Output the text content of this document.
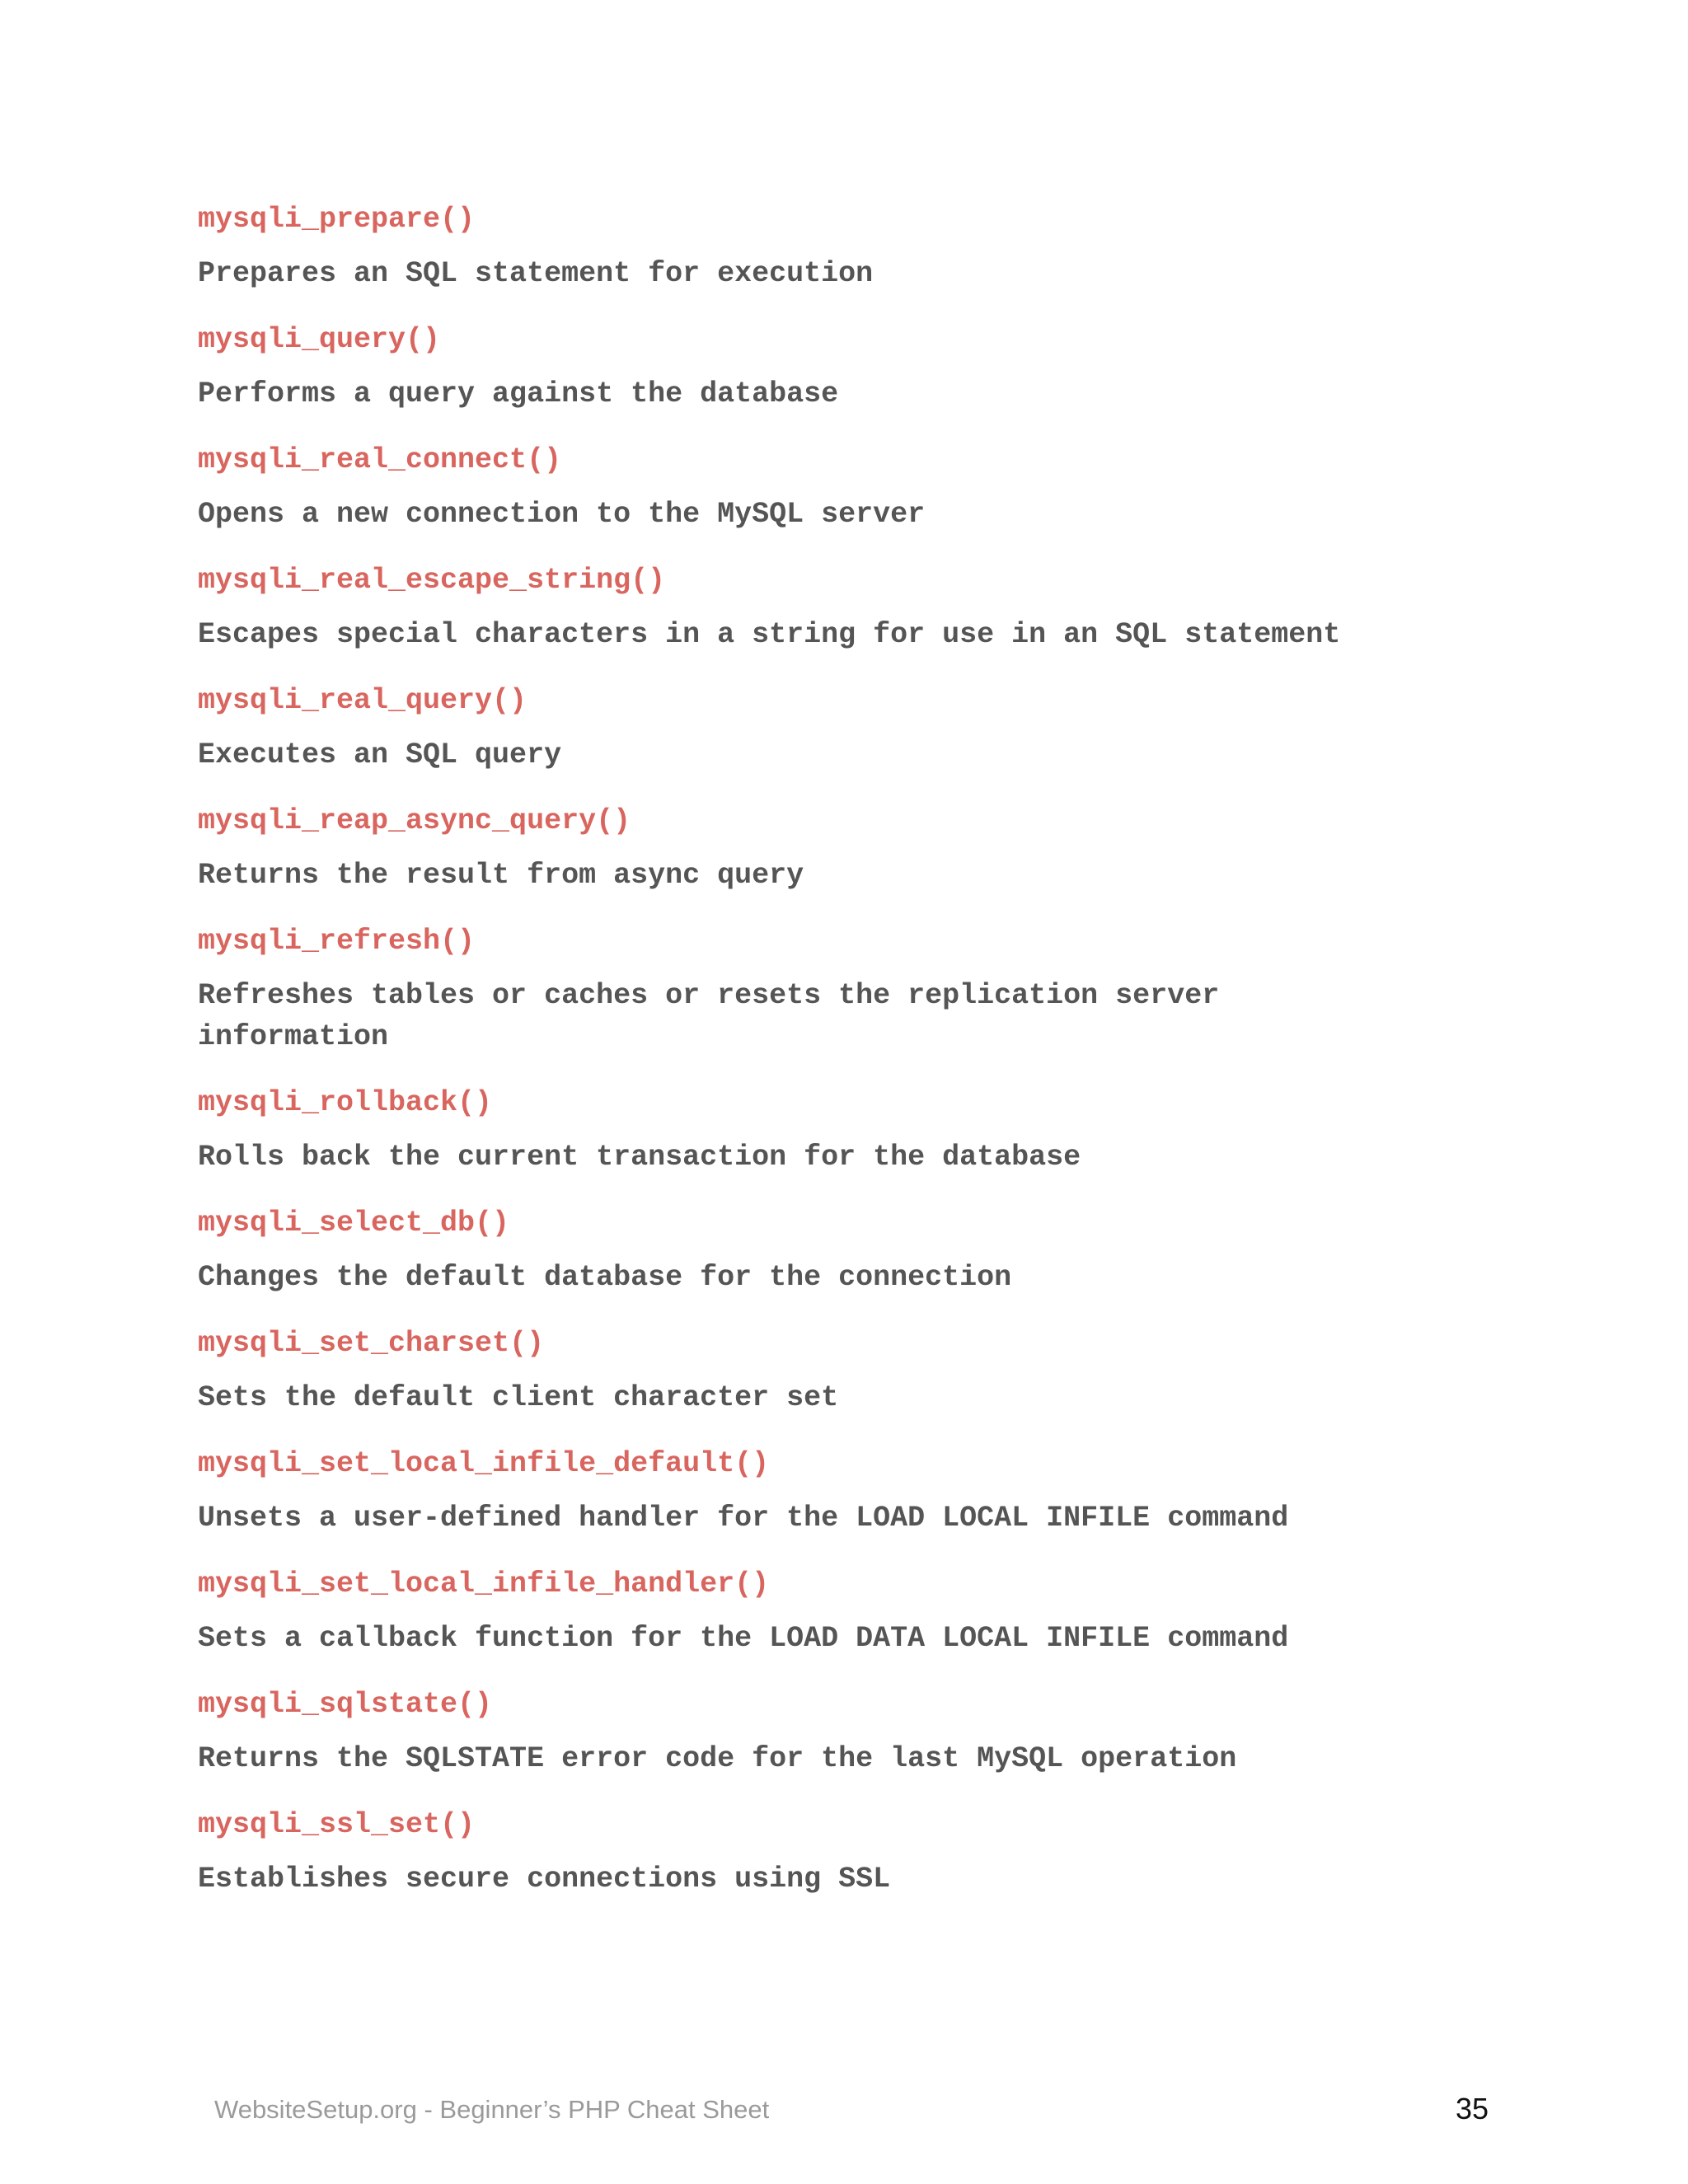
mysqli_prepare()
Prepares an SQL statement for execution
mysqli_query()
Performs a query against the database
mysqli_real_connect()
Opens a new connection to the MySQL server
mysqli_real_escape_string()
Escapes special characters in a string for use in an SQL statement
mysqli_real_query()
Executes an SQL query
mysqli_reap_async_query()
Returns the result from async query
mysqli_refresh()
Refreshes tables or caches or resets the replication server
information
mysqli_rollback()
Rolls back the current transaction for the database
mysqli_select_db()
Changes the default database for the connection
mysqli_set_charset()
Sets the default client character set
mysqli_set_local_infile_default()
Unsets a user-defined handler for the LOAD LOCAL INFILE command
mysqli_set_local_infile_handler()
Sets a callback function for the LOAD DATA LOCAL INFILE command
mysqli_sqlstate()
Returns the SQLSTATE error code for the last MySQL operation
mysqli_ssl_set()
Establishes secure connections using SSL
WebsiteSetup.org - Beginner’s PHP Cheat Sheet	35
